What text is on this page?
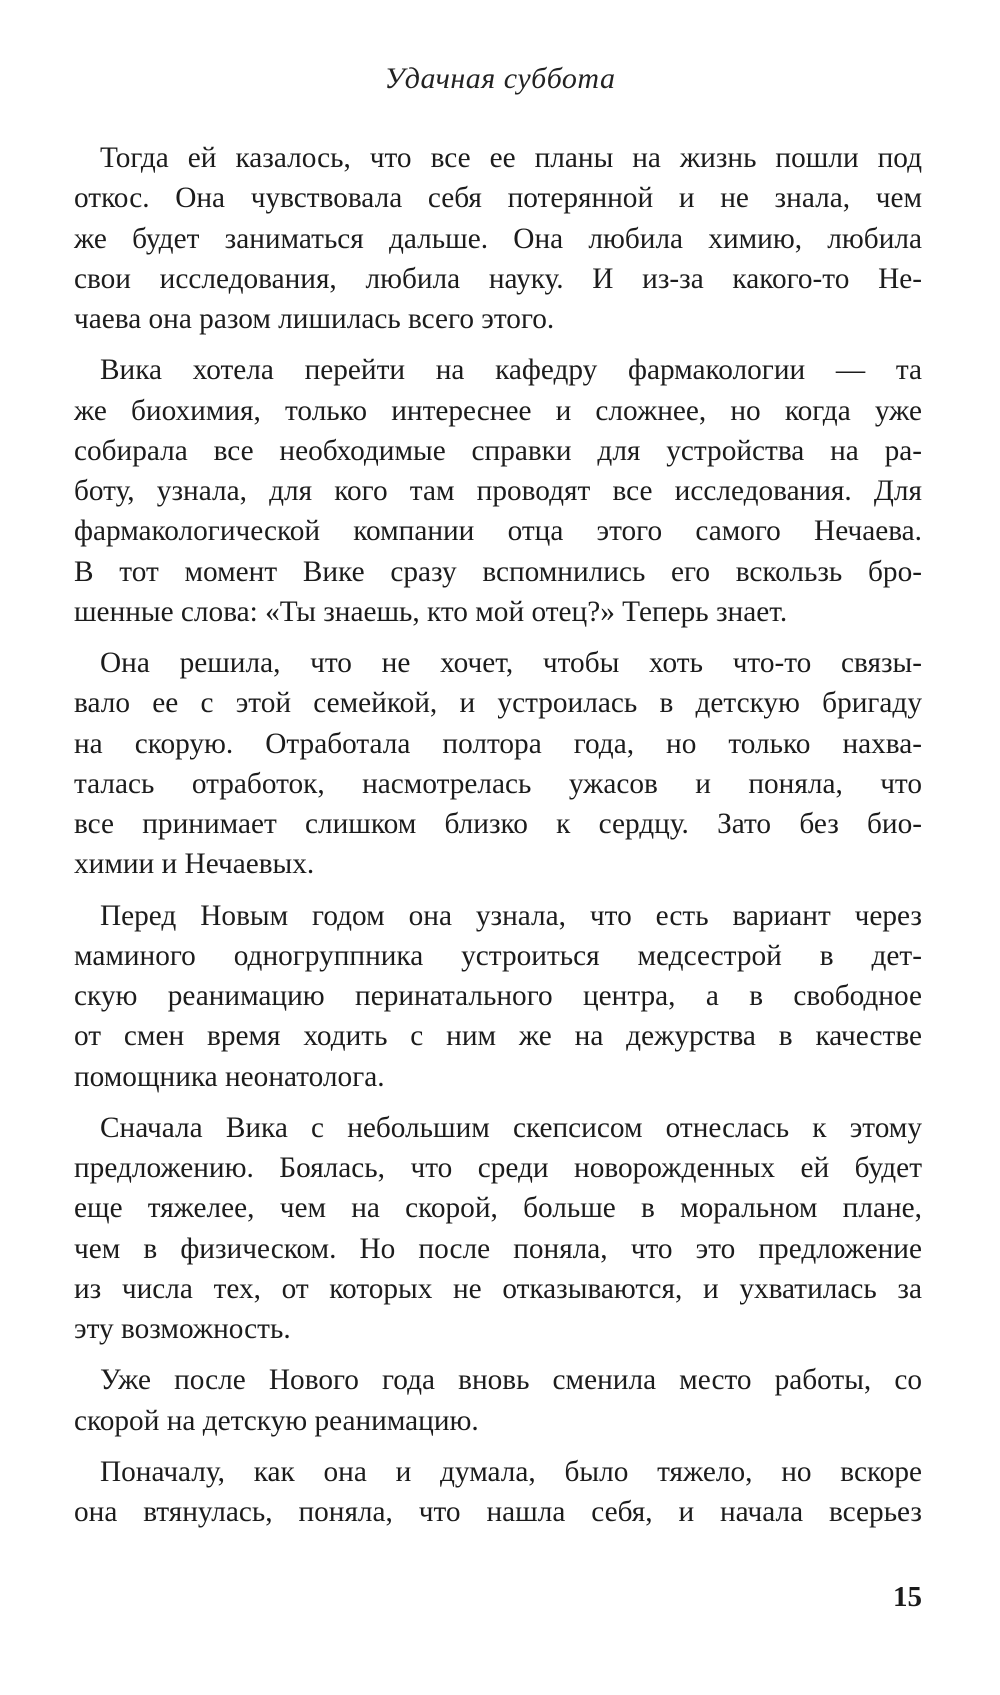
Удачная суббота
Тогда ей казалось, что все ее планы на жизнь пошли под
откос. Она чувствовала себя потерянной и не знала, чем
же будет заниматься дальше. Она любила химию, любила
свои исследования, любила науку. И из-за какого-то Не-
чаева она разом лишилась всего этого.
Вика хотела перейти на кафедру фармакологии — та
же биохимия, только интереснее и сложнее, но когда уже
собирала все необходимые справки для устройства на ра-
боту, узнала, для кого там проводят все исследования. Для
фармакологической компании отца этого самого Нечаева.
В тот момент Вике сразу вспомнились его вскользь бро-
шенные слова: «Ты знаешь, кто мой отец?» Теперь знает.
Она решила, что не хочет, чтобы хоть что-то связы-
вало ее с этой семейкой, и устроилась в детскую бригаду
на скорую. Отработала полтора года, но только нахва-
талась отработок, насмотрелась ужасов и поняла, что
все принимает слишком близко к сердцу. Зато без био-
химии и Нечаевых.
Перед Новым годом она узнала, что есть вариант через
маминого одногруппника устроиться медсестрой в дет-
скую реанимацию перинатального центра, а в свободное
от смен время ходить с ним же на дежурства в качестве
помощника неонатолога.
Сначала Вика с небольшим скепсисом отнеслась к этому
предложению. Боялась, что среди новорожденных ей будет
еще тяжелее, чем на скорой, больше в моральном плане,
чем в физическом. Но после поняла, что это предложение
из числа тех, от которых не отказываются, и ухватилась за
эту возможность.
Уже после Нового года вновь сменила место работы, со
скорой на детскую реанимацию.
Поначалу, как она и думала, было тяжело, но вскоре
она втянулась, поняла, что нашла себя, и начала всерьез
15
